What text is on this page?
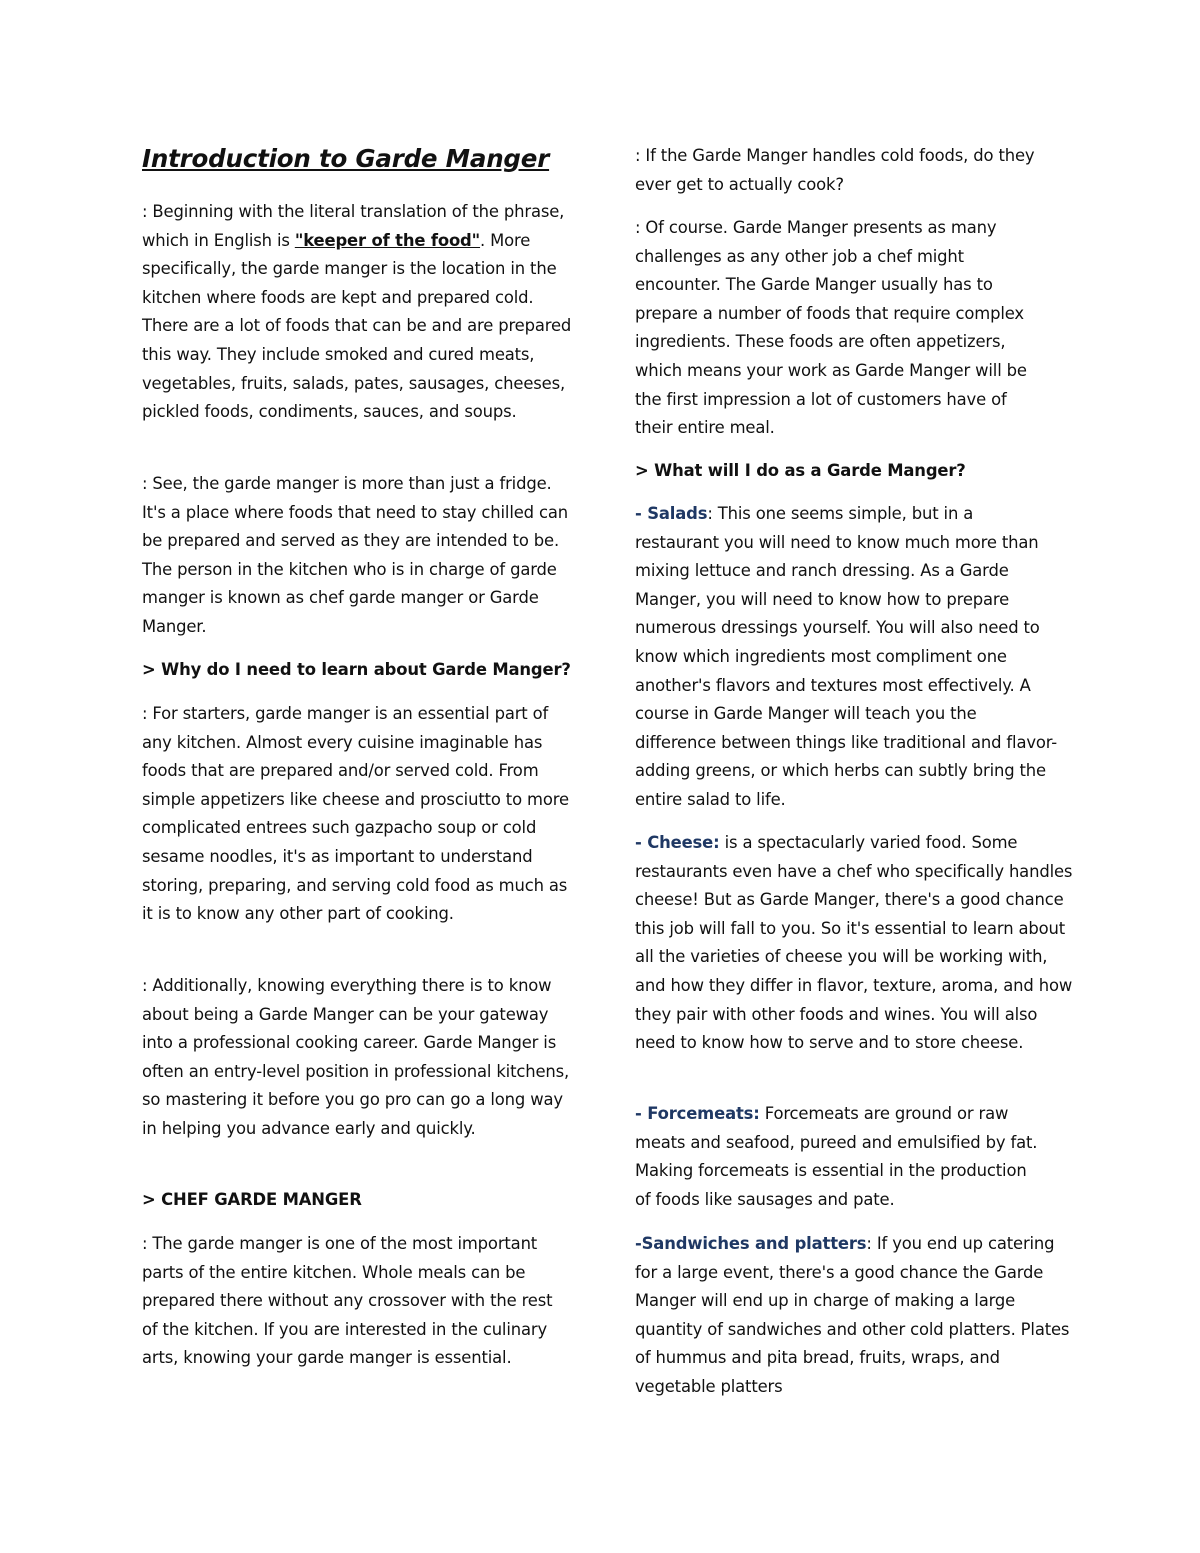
Introduction to Garde Manger

: Beginning with the literal translation of the phrase, which in English is "keeper of the food". More specifically, the garde manger is the location in the kitchen where foods are kept and prepared cold. There are a lot of foods that can be and are prepared this way. They include smoked and cured meats, vegetables, fruits, salads, pates, sausages, cheeses, pickled foods, condiments, sauces, and soups.

: See, the garde manger is more than just a fridge. It's a place where foods that need to stay chilled can be prepared and served as they are intended to be. The person in the kitchen who is in charge of garde manger is known as chef garde manger or Garde Manger.

> Why do I need to learn about Garde Manger?

: For starters, garde manger is an essential part of any kitchen. Almost every cuisine imaginable has foods that are prepared and/or served cold. From simple appetizers like cheese and prosciutto to more complicated entrees such gazpacho soup or cold sesame noodles, it's as important to understand storing, preparing, and serving cold food as much as it is to know any other part of cooking.

: Additionally, knowing everything there is to know about being a Garde Manger can be your gateway into a professional cooking career. Garde Manger is often an entry-level position in professional kitchens, so mastering it before you go pro can go a long way in helping you advance early and quickly.

> CHEF GARDE MANGER

: The garde manger is one of the most important parts of the entire kitchen. Whole meals can be prepared there without any crossover with the rest of the kitchen. If you are interested in the culinary arts, knowing your garde manger is essential.

: If the Garde Manger handles cold foods, do they ever get to actually cook?

: Of course. Garde Manger presents as many challenges as any other job a chef might encounter. The Garde Manger usually has to prepare a number of foods that require complex ingredients. These foods are often appetizers, which means your work as Garde Manger will be the first impression a lot of customers have of their entire meal.

> What will I do as a Garde Manger?

- Salads: This one seems simple, but in a restaurant you will need to know much more than mixing lettuce and ranch dressing. As a Garde Manger, you will need to know how to prepare numerous dressings yourself. You will also need to know which ingredients most compliment one another's flavors and textures most effectively. A course in Garde Manger will teach you the difference between things like traditional and flavor-adding greens, or which herbs can subtly bring the entire salad to life.

- Cheese: is a spectacularly varied food. Some restaurants even have a chef who specifically handles cheese! But as Garde Manger, there's a good chance this job will fall to you. So it's essential to learn about all the varieties of cheese you will be working with, and how they differ in flavor, texture, aroma, and how they pair with other foods and wines. You will also need to know how to serve and to store cheese.

- Forcemeats: Forcemeats are ground or raw meats and seafood, pureed and emulsified by fat. Making forcemeats is essential in the production of foods like sausages and pate.

-Sandwiches and platters: If you end up catering for a large event, there's a good chance the Garde Manger will end up in charge of making a large quantity of sandwiches and other cold platters. Plates of hummus and pita bread, fruits, wraps, and vegetable platters
